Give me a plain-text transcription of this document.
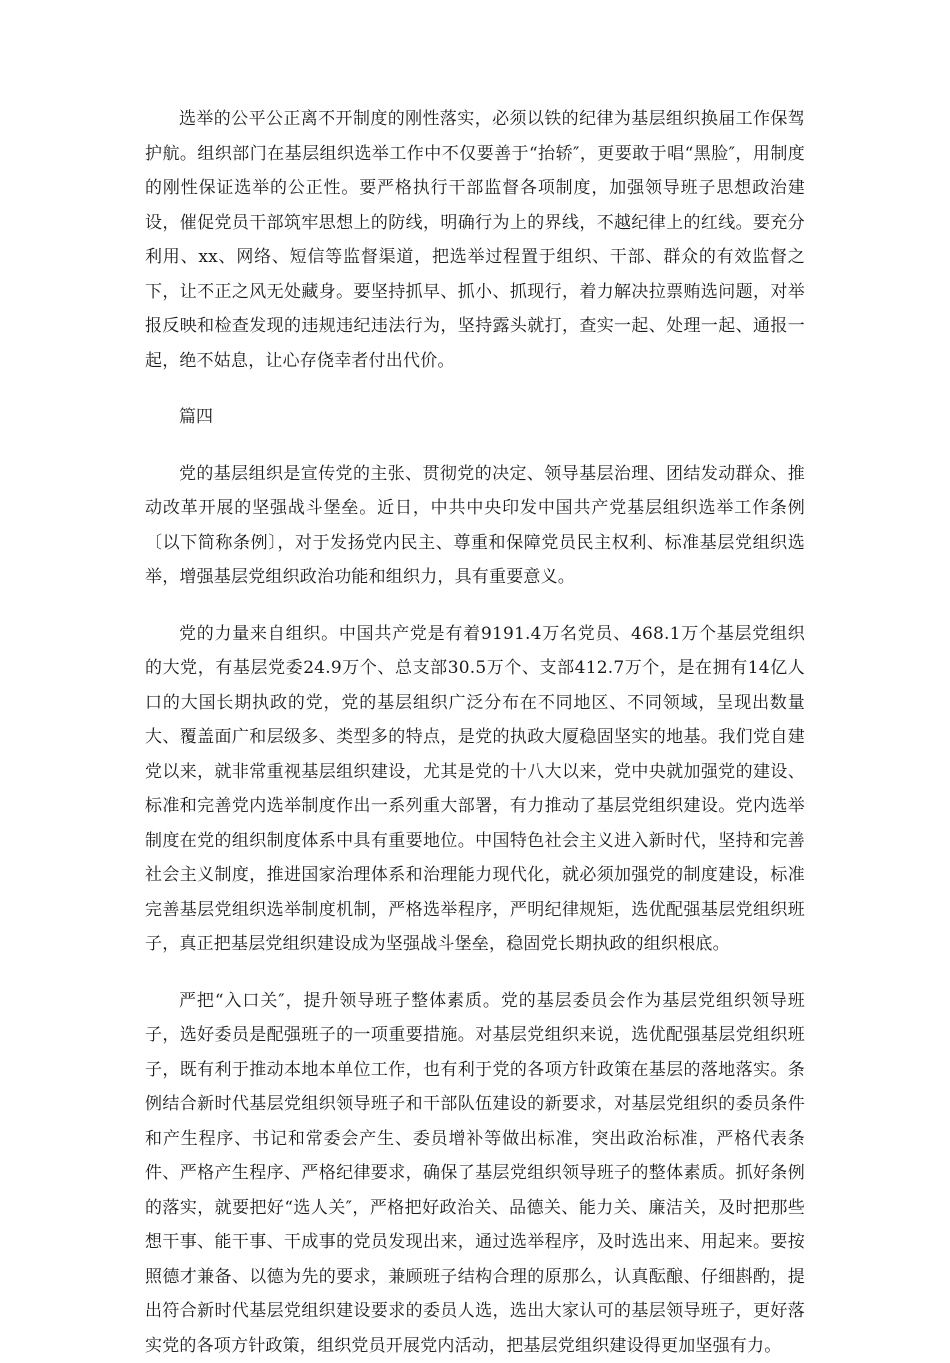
选举的公平公正离不开制度的刚性落实，必须以铁的纪律为基层组织换届工作保驾护航。组织部门在基层组织选举工作中不仅要善于“抬轿″，更要敢于唱“黑脸″，用制度的刚性保证选举的公正性。要严格执行干部监督各项制度，加强领导班子思想政治建设，催促党员干部筑牢思想上的防线，明确行为上的界线，不越纪律上的红线。要充分利用、xx、网络、短信等监督渠道，把选举过程置于组织、干部、群众的有效监督之下，让不正之风无处藏身。要坚持抓早、抓小、抓现行，着力解决拉票贿选问题，对举报反映和检查发现的违规违纪违法行为，坚持露头就打，查实一起、处理一起、通报一起，绝不姑息，让心存侥幸者付出代价。

篇四

党的基层组织是宣传党的主张、贯彻党的决定、领导基层治理、团结发动群众、推动改革开展的坚强战斗堡垒。近日，中共中央印发中国共产党基层组织选举工作条例〔以下简称条例〕，对于发扬党内民主、尊重和保障党员民主权利、标准基层党组织选举，增强基层党组织政治功能和组织力，具有重要意义。

党的力量来自组织。中国共产党是有着9191.4万名党员、468.1万个基层党组织的大党，有基层党委24.9万个、总支部30.5万个、支部412.7万个，是在拥有14亿人口的大国长期执政的党，党的基层组织广泛分布在不同地区、不同领域，呈现出数量大、覆盖面广和层级多、类型多的特点，是党的执政大厦稳固坚实的地基。我们党自建党以来，就非常重视基层组织建设，尤其是党的十八大以来，党中央就加强党的建设、标准和完善党内选举制度作出一系列重大部署，有力推动了基层党组织建设。党内选举制度在党的组织制度体系中具有重要地位。中国特色社会主义进入新时代，坚持和完善社会主义制度，推进国家治理体系和治理能力现代化，就必须加强党的制度建设，标准完善基层党组织选举制度机制，严格选举程序，严明纪律规矩，选优配强基层党组织班子，真正把基层党组织建设成为坚强战斗堡垒，稳固党长期执政的组织根底。

严把“入口关″，提升领导班子整体素质。党的基层委员会作为基层党组织领导班子，选好委员是配强班子的一项重要措施。对基层党组织来说，选优配强基层党组织班子，既有利于推动本地本单位工作，也有利于党的各项方针政策在基层的落地落实。条例结合新时代基层党组织领导班子和干部队伍建设的新要求，对基层党组织的委员条件和产生程序、书记和常委会产生、委员增补等做出标准，突出政治标准，严格代表条件、严格产生程序、严格纪律要求，确保了基层党组织领导班子的整体素质。抓好条例的落实，就要把好“选人关″，严格把好政治关、品德关、能力关、廉洁关，及时把那些想干事、能干事、干成事的党员发现出来，通过选举程序，及时选出来、用起来。要按照德才兼备、以德为先的要求，兼顾班子结构合理的原那么，认真酝酿、仔细斟酌，提出符合新时代基层党组织建设要求的委员人选，选出大家认可的基层领导班子，更好落实党的各项方针政策，组织党员开展党内活动，把基层党组织建设得更加坚强有力。
